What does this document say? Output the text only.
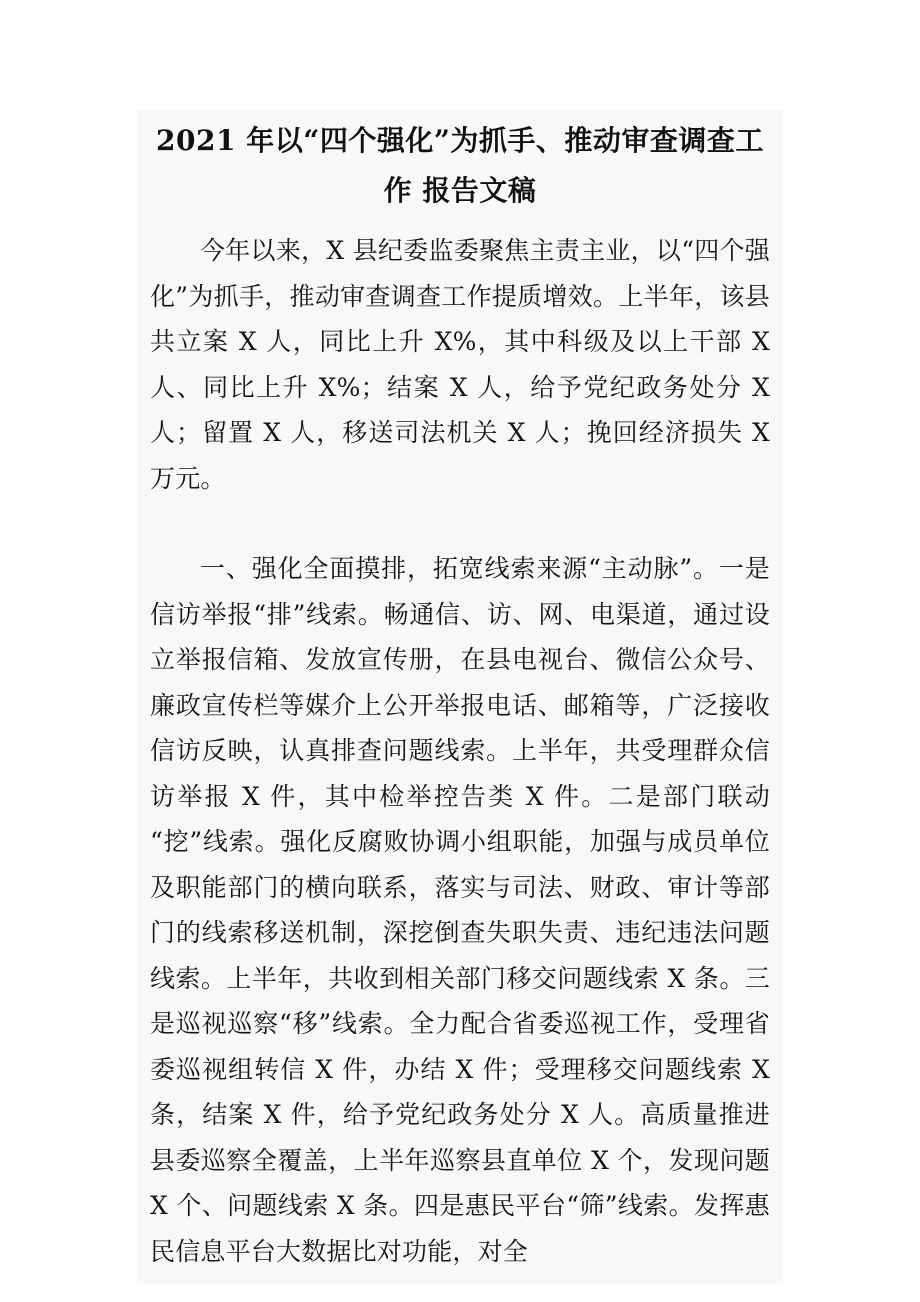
2021 年以“四个强化”为抓手、推动审查调查工作 报告文稿

今年以来，X 县纪委监委聚焦主责主业，以“四个强化”为抓手，推动审查调查工作提质增效。上半年，该县共立案 X 人，同比上升 X%，其中科级及以上干部 X 人、同比上升 X%；结案 X 人，给予党纪政务处分 X 人；留置 X 人，移送司法机关 X 人；挽回经济损失 X 万元。

一、强化全面摸排，拓宽线索来源“主动脉”。一是信访举报“排”线索。畅通信、访、网、电渠道，通过设立举报信箱、发放宣传册，在县电视台、微信公众号、廉政宣传栏等媒介上公开举报电话、邮箱等，广泛接收信访反映，认真排查问题线索。上半年，共受理群众信访举报 X 件，其中检举控告类 X 件。二是部门联动“挖”线索。强化反腐败协调小组职能，加强与成员单位及职能部门的横向联系，落实与司法、财政、审计等部门的线索移送机制，深挖倒查失职失责、违纪违法问题线索。上半年，共收到相关部门移交问题线索 X 条。三是巡视巡察“移”线索。全力配合省委巡视工作，受理省委巡视组转信 X 件，办结 X 件；受理移交问题线索 X 条，结案 X 件，给予党纪政务处分 X 人。高质量推进县委巡察全覆盖，上半年巡察县直单位 X 个，发现问题 X 个、问题线索 X 条。四是惠民平台“筛”线索。发挥惠民信息平台大数据比对功能，对全
